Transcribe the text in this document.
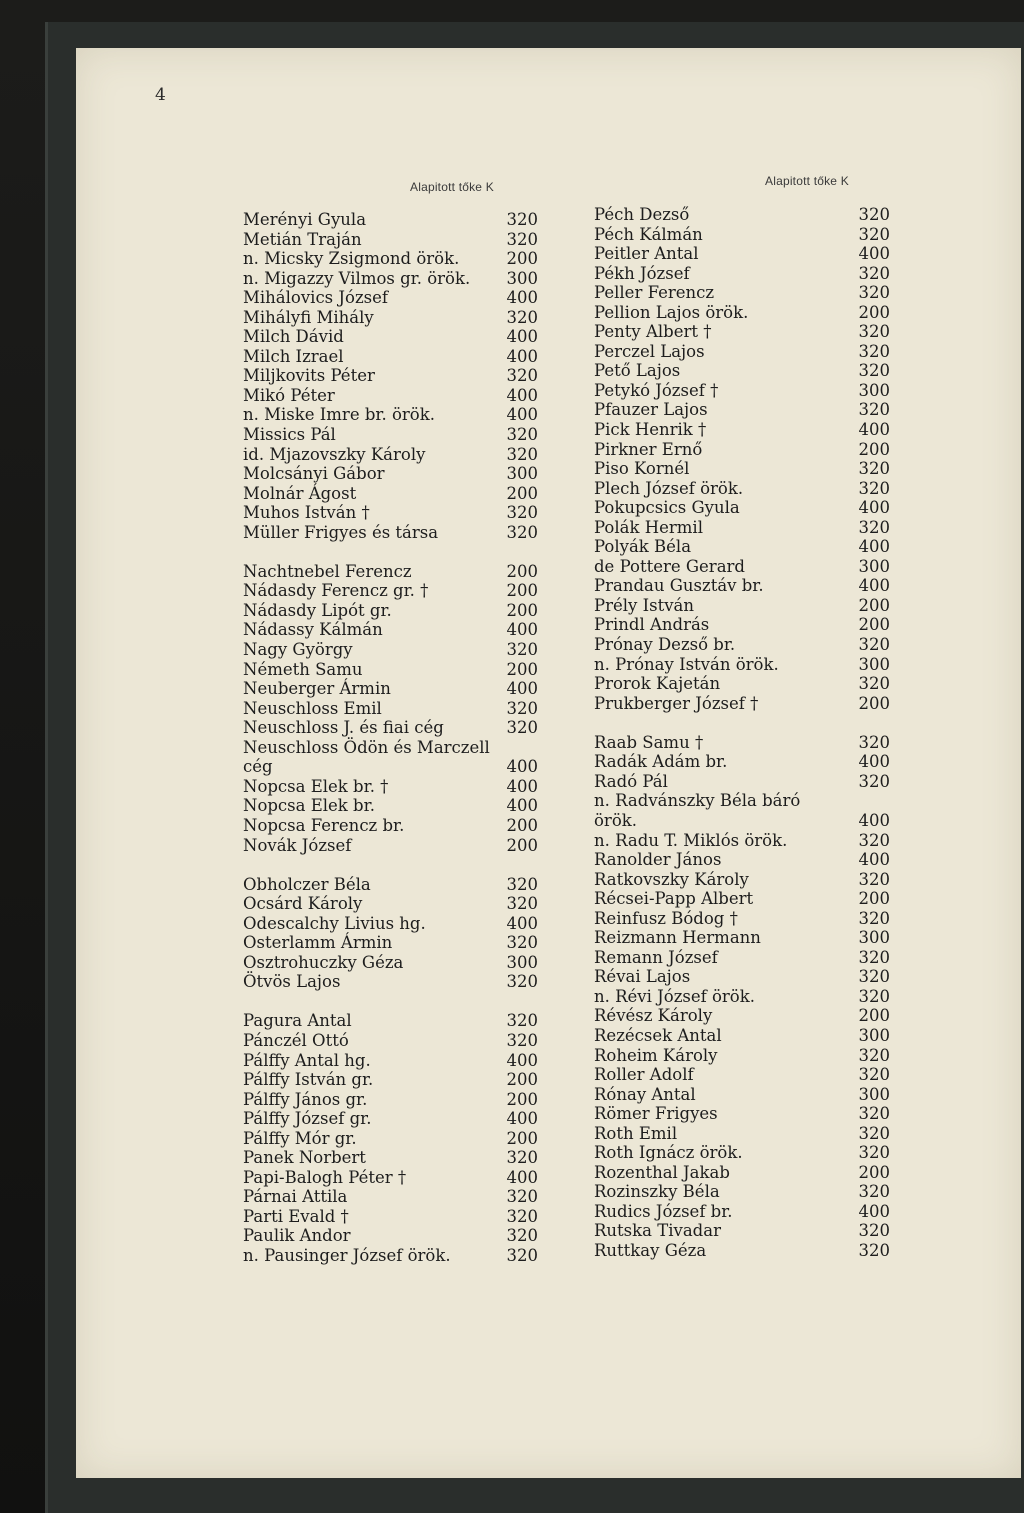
4
Alapitott tőke K	Alapitott tőke K
Merényi Gyula	320
Metián Traján	320
n. Micsky Zsigmond örök.	200
n. Migazzy Vilmos gr. örök. 300
Mihálovics József	400
Mihályfi Mihály	320
Milch Dávid	400
Milch Izrael	400
Miljkovits Péter	320
Mikó Péter	400
n. Miske Imre br. örök.	400
Missics Pál	320
id. Mjazovszky Károly	320
Molcsányi Gábor	300
Molnár Ágost	200
Muhos István †	320
Müller Frigyes és társa	320
Nachtnebel Ferencz	200
Nádasdy Ferencz gr. †	200
Nádasdy Lipót gr.	200
Nádassy Kálmán	400
Nagy György	320
Németh Samu	200
Neuberger Ármin	400
Neuschloss Emil	320
Neuschloss J. és fiai cég	320
Neuschloss Ödön és Marczell
cég	400
Nopcsa Elek br. †	400
Nopcsa Elek br.	400
Nopcsa Ferencz br.	200
Novák József	200
Obholczer Béla	320
Ocsárd Károly	320
Odescalchy Livius hg.	400
Osterlamm Ármin	320
Osztrohuczky Géza	300
Ötvös Lajos	320
Pagura Antal	320
Pánczél Ottó	320
Pálffy Antal hg.	400
Pálffy István gr.	200
Pálffy János gr.	200
Pálffy József gr.	400
Pálffy Mór gr.	200
Panek Norbert	320
Papi-Balogh Péter †	400
Párnai Attila	320
Parti Evald †	320
Paulik Andor	320
n. Pausinger József örök.	320
Péch Dezső	320
Péch Kálmán	320
Peitler Antal	400
Pékh József	320
Peller Ferencz	320
Pellion Lajos örök.	200
Penty Albert †	320
Perczel Lajos	320
Pető Lajos	320
Petykó József †	300
Pfauzer Lajos	320
Pick Henrik †	400
Pirkner Ernő	200
Piso Kornél	320
Plech József örök.	320
Pokupcsics Gyula	400
Polák Hermil	320
Polyák Béla	400
de Pottere Gerard	300
Prandau Gusztáv br.	400
Prély István	200
Prindl András	200
Prónay Dezső br.	320
n. Prónay István örök.	300
Prorok Kajetán	320
Prukberger József †	200
Raab Samu †	320
Radák Adám br.	400
Radó Pál	320
n. Radvánszky Béla báró
örök.	400
n. Radu T. Miklós örök.	320
Ranolder János	400
Ratkovszky Károly	320
Récsei-Papp Albert	200
Reinfusz Bódog †	320
Reizmann Hermann	300
Remann József	320
Révai Lajos	320
n. Révi József örök.	320
Révész Károly	200
Rezécsek Antal	300
Roheim Károly	320
Roller Adolf	320
Rónay Antal	300
Römer Frigyes	320
Roth Emil	320
Roth Ignácz örök.	320
Rozenthal Jakab	200
Rozinszky Béla	320
Rudics József br.	400
Rutska Tivadar	320
Ruttkay Géza	320
